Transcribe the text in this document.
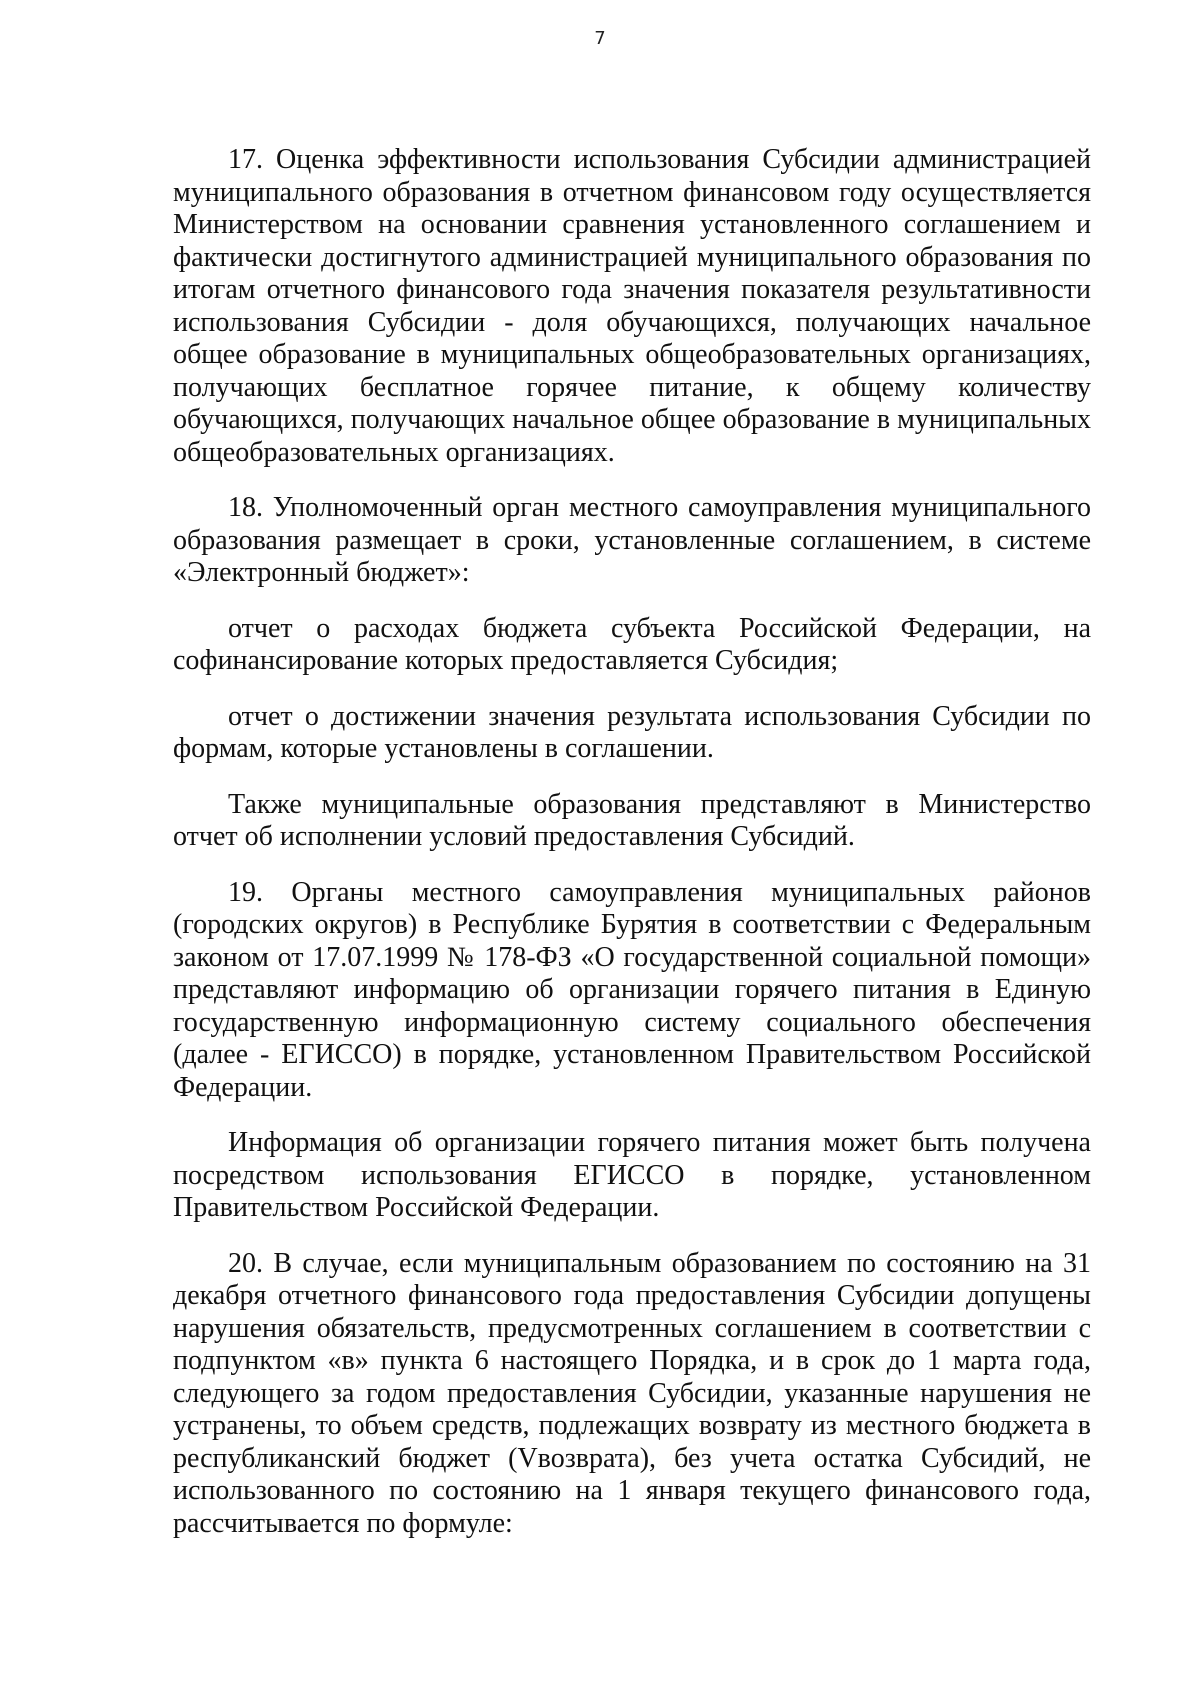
7

17. Оценка эффективности использования Субсидии администрацией муниципального образования в отчетном финансовом году осуществляется Министерством на основании сравнения установленного соглашением и фактически достигнутого администрацией муниципального образования по итогам отчетного финансового года значения показателя результативности использования Субсидии - доля обучающихся, получающих начальное общее образование в муниципальных общеобразовательных организациях, получающих бесплатное горячее питание, к общему количеству обучающихся, получающих начальное общее образование в муниципальных общеобразовательных организациях.

18. Уполномоченный орган местного самоуправления муниципального образования размещает в сроки, установленные соглашением, в системе «Электронный бюджет»:

отчет о расходах бюджета субъекта Российской Федерации, на софинансирование которых предоставляется Субсидия;

отчет о достижении значения результата использования Субсидии по формам, которые установлены в соглашении.

Также муниципальные образования представляют в Министерство отчет об исполнении условий предоставления Субсидий.

19. Органы местного самоуправления муниципальных районов (городских округов) в Республике Бурятия в соответствии с Федеральным законом от 17.07.1999 № 178-ФЗ «О государственной социальной помощи» представляют информацию об организации горячего питания в Единую государственную информационную систему социального обеспечения (далее - ЕГИССО) в порядке, установленном Правительством Российской Федерации.

Информация об организации горячего питания может быть получена посредством использования ЕГИССО в порядке, установленном Правительством Российской Федерации.

20. В случае, если муниципальным образованием по состоянию на 31 декабря отчетного финансового года предоставления Субсидии допущены нарушения обязательств, предусмотренных соглашением в соответствии с подпунктом «в» пункта 6 настоящего Порядка, и в срок до 1 марта года, следующего за годом предоставления Субсидии, указанные нарушения не устранены, то объем средств, подлежащих возврату из местного бюджета в республиканский бюджет (Vвозврата), без учета остатка Субсидий, не использованного по состоянию на 1 января текущего финансового года, рассчитывается по формуле:
